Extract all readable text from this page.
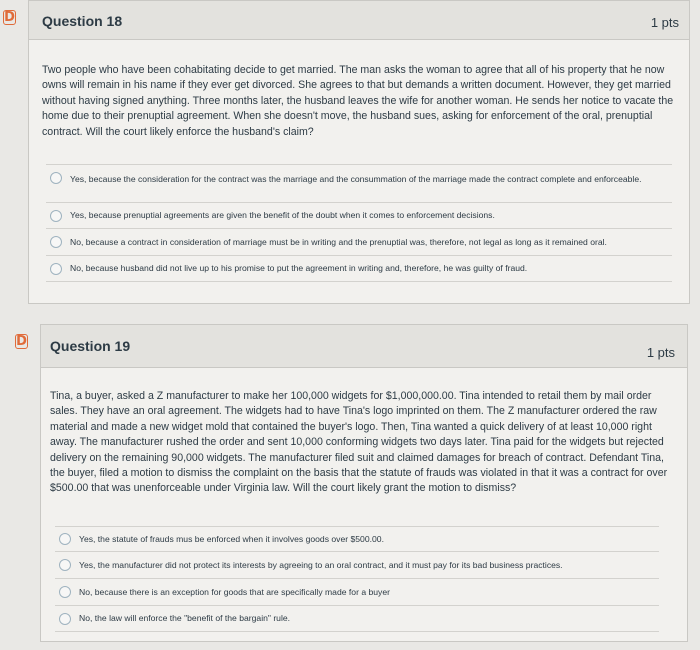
D Question 18	1 pts
Two people who have been cohabitating decide to get married. The man asks the woman to agree that all of his property that he now owns will remain in his name if they ever get divorced. She agrees to that but demands a written document. However, they get married without having signed anything. Three months later, the husband leaves the wife for another woman. He sends her notice to vacate the home due to their prenuptial agreement. When she doesn't move, the husband sues, asking for enforcement of the oral, prenuptial contract. Will the court likely enforce the husband's claim?
Yes, because the consideration for the contract was the marriage and the consummation of the marriage made the contract complete and enforceable.
Yes, because prenuptial agreements are given the benefit of the doubt when it comes to enforcement decisions.
No, because a contract in consideration of marriage must be in writing and the prenuptial was, therefore, not legal as long as it remained oral.
No, because husband did not live up to his promise to put the agreement in writing and, therefore, he was guilty of fraud.
D Question 19	1 pts
Tina, a buyer, asked a Z manufacturer to make her 100,000 widgets for $1,000,000.00. Tina intended to retail them by mail order sales. They have an oral agreement. The widgets had to have Tina's logo imprinted on them. The Z manufacturer ordered the raw material and made a new widget mold that contained the buyer's logo. Then, Tina wanted a quick delivery of at least 10,000 right away. The manufacturer rushed the order and sent 10,000 conforming widgets two days later. Tina paid for the widgets but rejected delivery on the remaining 90,000 widgets. The manufacturer filed suit and claimed damages for breach of contract. Defendant Tina, the buyer, filed a motion to dismiss the complaint on the basis that the statute of frauds was violated in that it was a contract for over $500.00 that was unenforceable under Virginia law. Will the court likely grant the motion to dismiss?
Yes, the statute of frauds mus be enforced when it involves goods over $500.00.
Yes, the manufacturer did not protect its interests by agreeing to an oral contract, and it must pay for its bad business practices.
No, because there is an exception for goods that are specifically made for a buyer
No, the law will enforce the "benefit of the bargain" rule.
